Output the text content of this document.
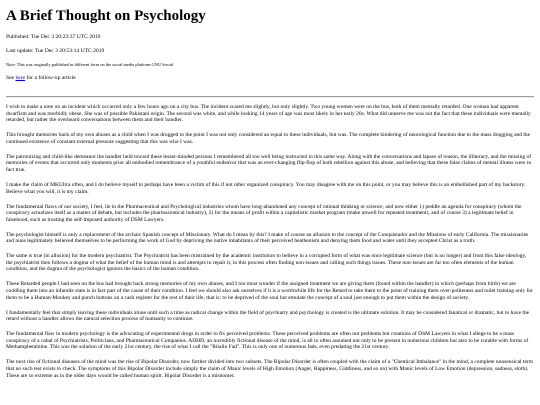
A Brief Thought on Psychology
Published: Tue Dec 3 20:23:37 UTC 2019
Last update: Tue Dec 3 20:53:14 UTC 2019
Note: This was originally published in different form on the social media platform GNU Social
See here for a follow-up article

I wish to make a note on an incident which occurred only a few hours ago on a city bus. The incident scared me slightly, but only slightly. Two young women were on the bus, both of them mentally retarded. One woman had apparent dwarfism and was morbidly obese. She was of possible Pakistani origin. The second was white, and while looking 14 years of age was most likely in her early 20s. What did unnerve me was not the fact that these individuals were mentally retarded, but rather the overheard conversations between them and their handler.

This brought memories back of my own abuses as a child when I was drugged to the point I was not only considered an equal to these individuals, but was. The complete hindering of neurological function due to the mass drugging and the continued existence of constant external pressure suggesting that this was who I was.

The patronizing and child-like demeanor the handler held toward these lesser-minded persons I remembered all too well being instructed in this same way. Along with the conversations and lapses of reason, the illiteracy, and the missing of memories of events that occurred only moments prior all embodied remembrance of a youthful endeavor that was an ever-changing flip-flop of both rebellion against this abuse, and believing that these false claims of mental illness were in fact true.

I make the claim of MKUltra often, and I do believe myself to perhaps have been a victim of this if not other organized conspiracy. You may disagree with me on this point, or you may believe this is an embellished part of my backstory. Believe what you will, it is my claim.

The fundamental flaws of our society, I feel, lie in the Pharmaceutical and Psychological industries whom have long-abandoned any concept of rational thinking or science, and now either 1) peddle an agenda for conspiracy (whom the conspiracy actualizes itself as a matter of debate, but includes the pharmaceutical industry), 2) for the means of profit within a capitalistic market program (make unwell for repeated treatment), and of course 3) a legitimate belief in falsehood, such as trusting the self-imposed authority of DSM Lawyers.

The psychologist himself is only a replacement of the archaic Spanish concept of Missionary. What do I mean by this? I make of course an allusion to the concept of the Conquistador and the Missions of early California. The missionaries and nuns legitimately believed themselves to be performing the work of God by depriving the native inhabitants of their perceived heathenism and denying them food and water until they accepted Christ as a truth.

The same is true (in allusion) for the modern psychiatrist. The Psychiatrist has been mistrained by the academic institution to believe in a corrupted form of what was once legitimate science (but is no longer) and from this false ideology, the psychiatrist then follows a dogma of what the belief of the human mind is and attempts to repair it, in this process often finding non-issues and calling such things issues. These non-issues are far too often elements of the human condition, and the dogma of the psychologist ignores the basics of the human condition.

These Retarded people I had seen on the bus had brought back strong memories of my own abuses, and I too must wonder if the assigned treatment we are giving them (found within the handler) in which (perhaps from birth) we are coddling them into an infantile state is in fact part of the cause of their condition. I feel we should also ask ourselves if it is a worthwhile life for the Retard to take them to the point of training them over-politeness and toilet training only for them to be a Human-Monkey and punch buttons on a cash register for the rest of their life, that is: to be deprived of the soul but emulate the concept of a soul just enough to put them within the design of society.

I fundamentally feel that simply leaving these individuals alone until such a time as radical change within the field of psychiatry and psychology is created is the ultimate solution. It may be considered fanatical or dramatic, but to have the retard without a handler allows the natural selection process of humanity to continue.

The fundamental flaw in modern psychology is the advocating of experimental drugs in order to fix perceived problems. These perceived problems are often not problems but creations of DSM Lawyers in what I allege to be a mass conspiracy of a cabal of Psychiatrists, Politicians, and Pharmaceutical Companies. ADHD, an incredibly fictional disease of the mind, is all to often assumed not only to be present in numerous children but also to be curable with forms of Methamphetamine. This was the solution of the early 21st century, the rise of what I call the "Ritalin Fad". This is only one of numerous fads, even predating the 21st century.

The next rise of fictional diseases of the mind was the rise of Bipolar Disorder, now further divided into two subsets. The Bipolar Disorder is often coupled with the claim of a "Chemical Imbalance" in the mind, a complete nonsensical term that no such test exists to check. The symptoms of this Bipolar Disorder include simply the claim of Manic levels of High Emotion (Anger, Happiness, Giddiness, and so on) with Manic levels of Low Emotion (depression, sadness, sloth). These are so extreme as in the older days would be called human spirit. Bipolar Disorder is a misnomer.
